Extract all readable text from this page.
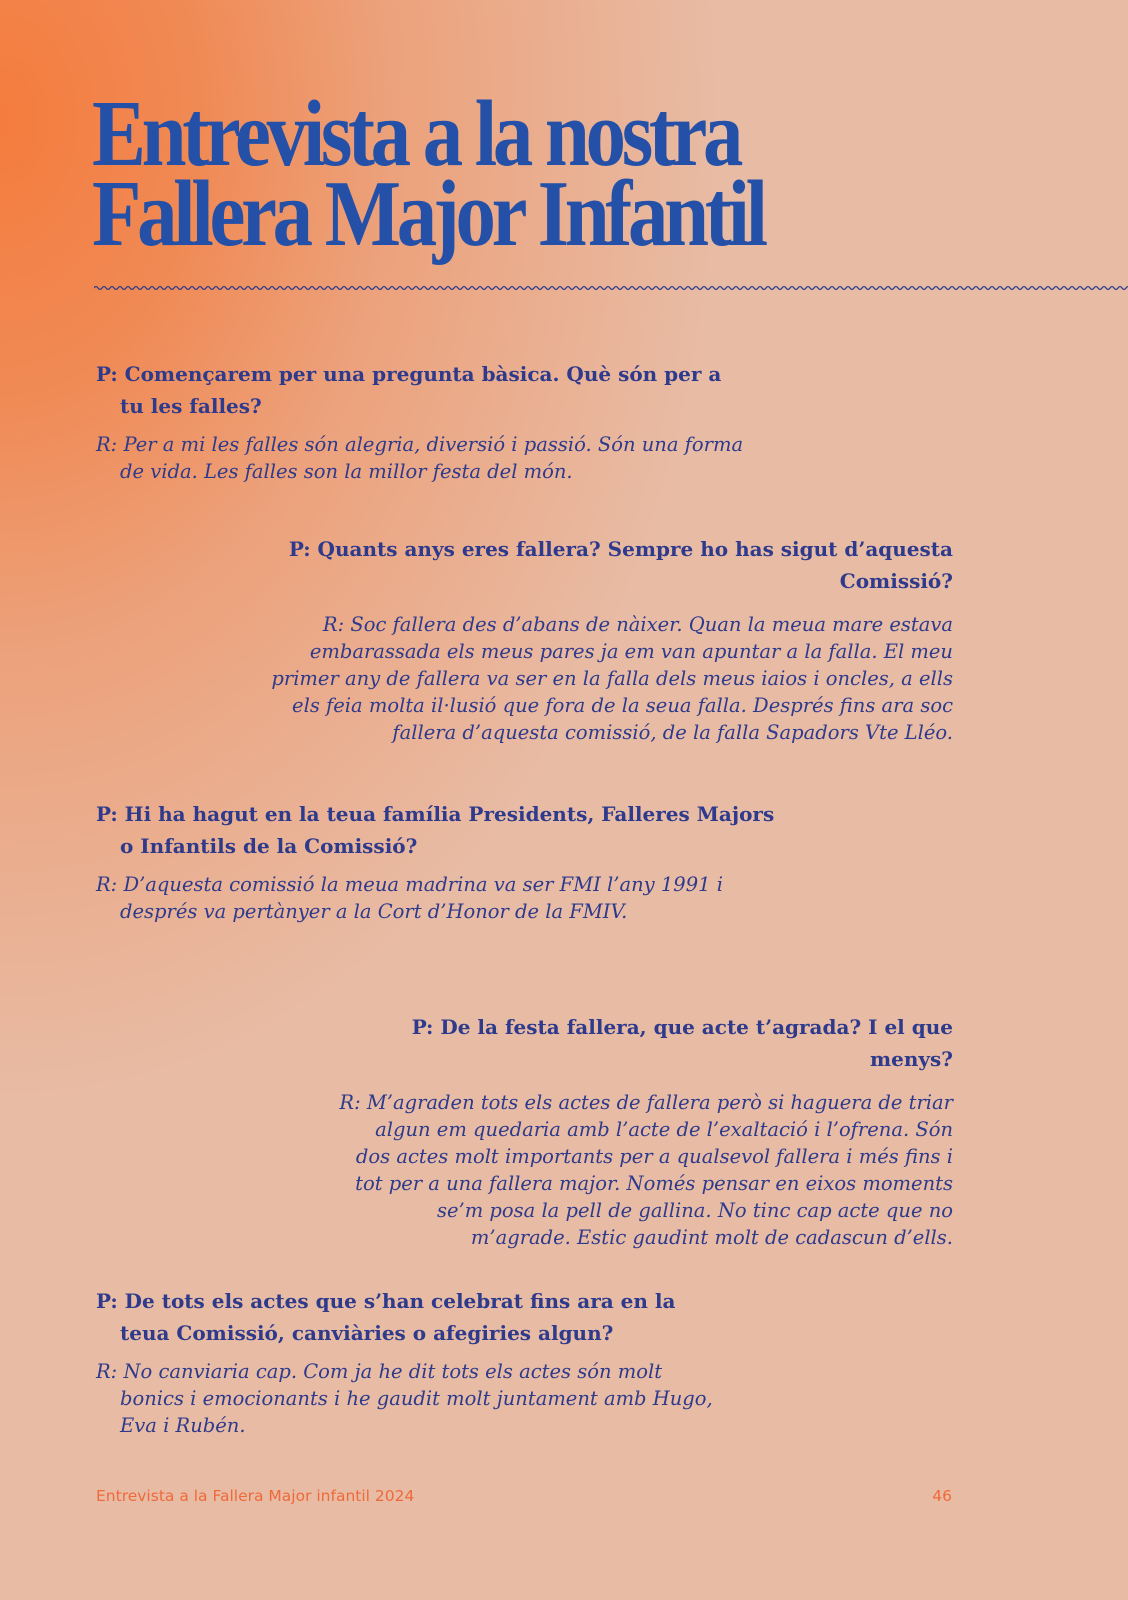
Entrevista a la nostra
Fallera Major Infantil

P: Començarem per una pregunta bàsica. Què són per a tu les falles?

R: Per a mi les falles són alegria, diversió i passió. Són una forma de vida. Les falles son la millor festa del món.

P: Quants anys eres fallera? Sempre ho has sigut d’aquesta Comissió?

R: Soc fallera des d’abans de nàixer. Quan la meua mare estava embarassada els meus pares ja em van apuntar a la falla. El meu primer any de fallera va ser en la falla dels meus iaios i oncles, a ells els feia molta il·lusió que fora de la seua falla. Després fins ara soc fallera d’aquesta comissió, de la falla Sapadors Vte Lléo.

P: Hi ha hagut en la teua família Presidents, Falleres Majors o Infantils de la Comissió?

R: D’aquesta comissió la meua madrina va ser FMI l’any 1991 i després va pertànyer a la Cort d’Honor de la FMIV.

P: De la festa fallera, que acte t’agrada? I el que menys?

R: M’agraden tots els actes de fallera però si haguera de triar algun em quedaria amb l’acte de l’exaltació i l’ofrena. Són dos actes molt importants per a qualsevol fallera i més fins i tot per a una fallera major. Només pensar en eixos moments se’m posa la pell de gallina. No tinc cap acte que no m’agrade. Estic gaudint molt de cadascun d’ells.

P: De tots els actes que s’han celebrat fins ara en la teua Comissió, canviàries o afegiries algun?

R: No canviaria cap. Com ja he dit tots els actes són molt bonics i emocionants i he gaudit molt juntament amb Hugo, Eva i Rubén.

Entrevista a la Fallera Major infantil 2024	46
